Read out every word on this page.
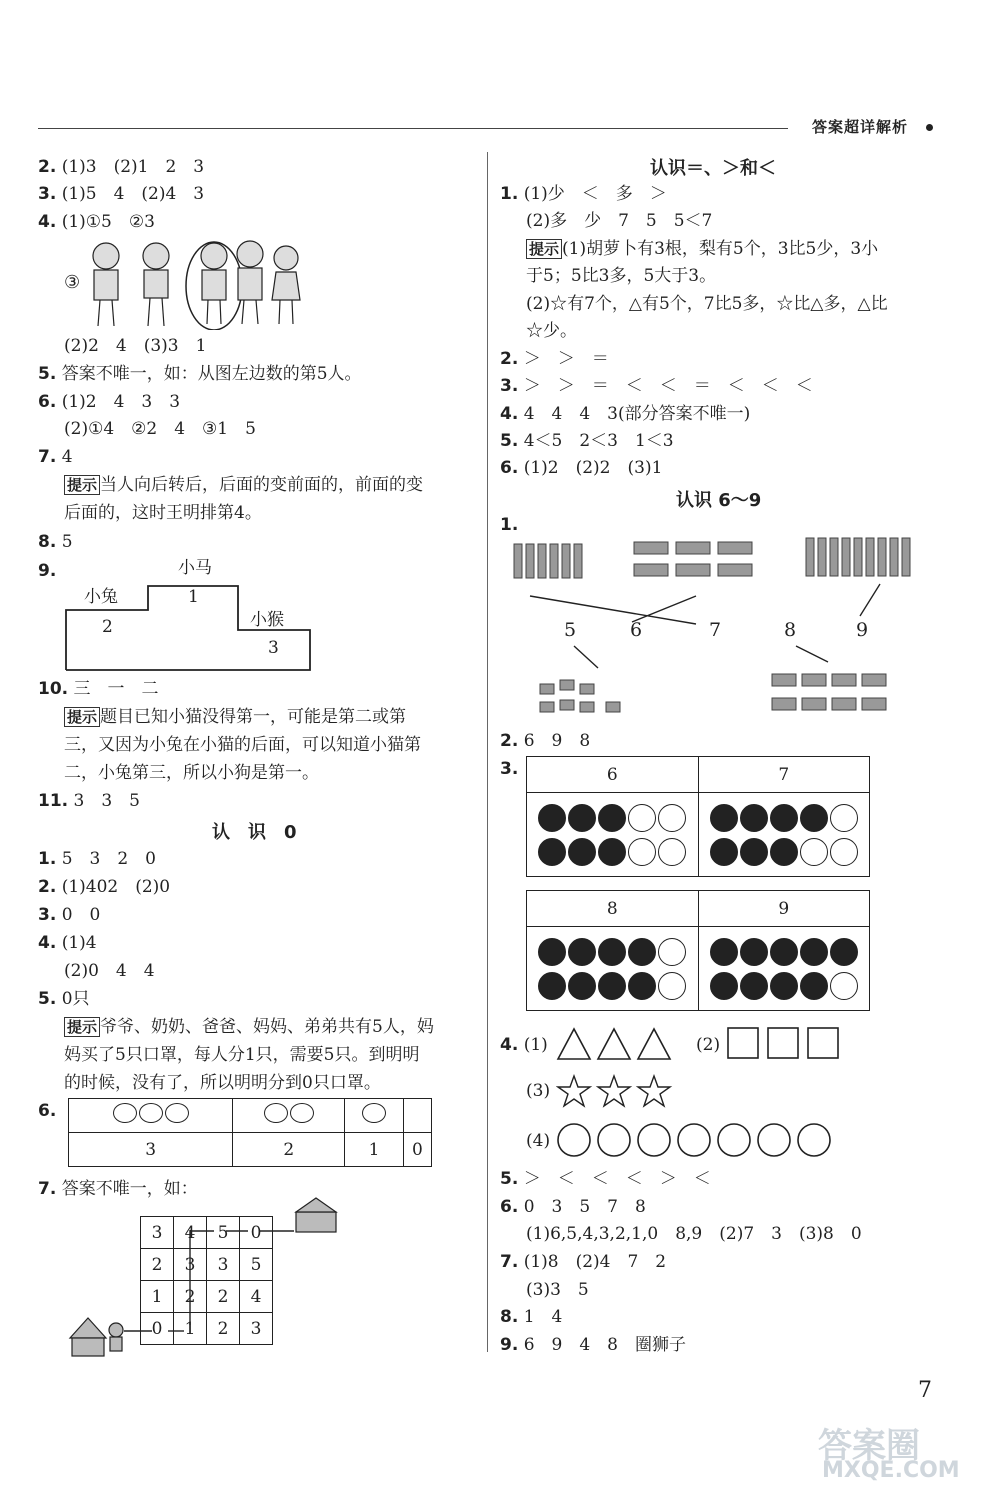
答案超详解析
2. (1)3　(2)1　2　3
3. (1)5　4　(2)4　3
4. (1)①5　②3
③
(2)2　4　(3)3　1
5. 答案不唯一，如：从图左边数的第5人。
6. (1)2　4　3　3
(2)①4　②2　4　③1　5
7. 4
提示 当人向后转后，后面的变前面的，前面的变
后面的，这时王明排第4。
8. 5
9.	小马
1
小兔
2	小猴
3
10. 三　一　二
提示 题目已知小猫没得第一，可能是第二或第
三，又因为小兔在小猫的后面，可以知道小猫第
二，小兔第三，所以小狗是第一。
11. 3　3　5
认　识　0
1. 5　3　2　0
2. (1)402　(2)0
3. 0　0
4. (1)4
(2)0　4　4
5. 0只
提示 爷爷、奶奶、爸爸、妈妈、弟弟共有5人，妈
妈买了5只口罩，每人分1只，需要5只。到明明
的时候，没有了，所以明明分到0只口罩。
6.

3	2	1	0
7. 答案不唯一，如：
3	4	5	0
2	3	3	5
1	2	2	4
0	1	2	3
认识＝、＞和＜
1. (1)少　＜　多　＞
(2)多　少　7　5　5＜7
提示 (1)胡萝卜有3根，梨有5个，3比5少，3小
于5；5比3多，5大于3。
(2)☆有7个，△有5个，7比5多，☆比△多，△比
☆少。
2. ＞　＞　＝
3. ＞　＞　＝　＜　＜　＝　＜　＜　＜
4. 4　4　4　3(部分答案不唯一)
5. 4＜5　2＜3　1＜3
6. (1)2　(2)2　(3)1
认识 6～9
1.
5	6	7	8	9
2. 6　9　8
3.	6	7

8	9

4. (1)	(2)
(3)
(4)
5. ＞　＜　＜　＜　＞　＜
6. 0　3　5　7　8
(1)6,5,4,3,2,1,0　8,9　(2)7　3　(3)8　0
7. (1)8　(2)4　7　2
(3)3　5
8. 1　4
9. 6　9　4　8　圈狮子
7
答案圈
MXQE.COM
